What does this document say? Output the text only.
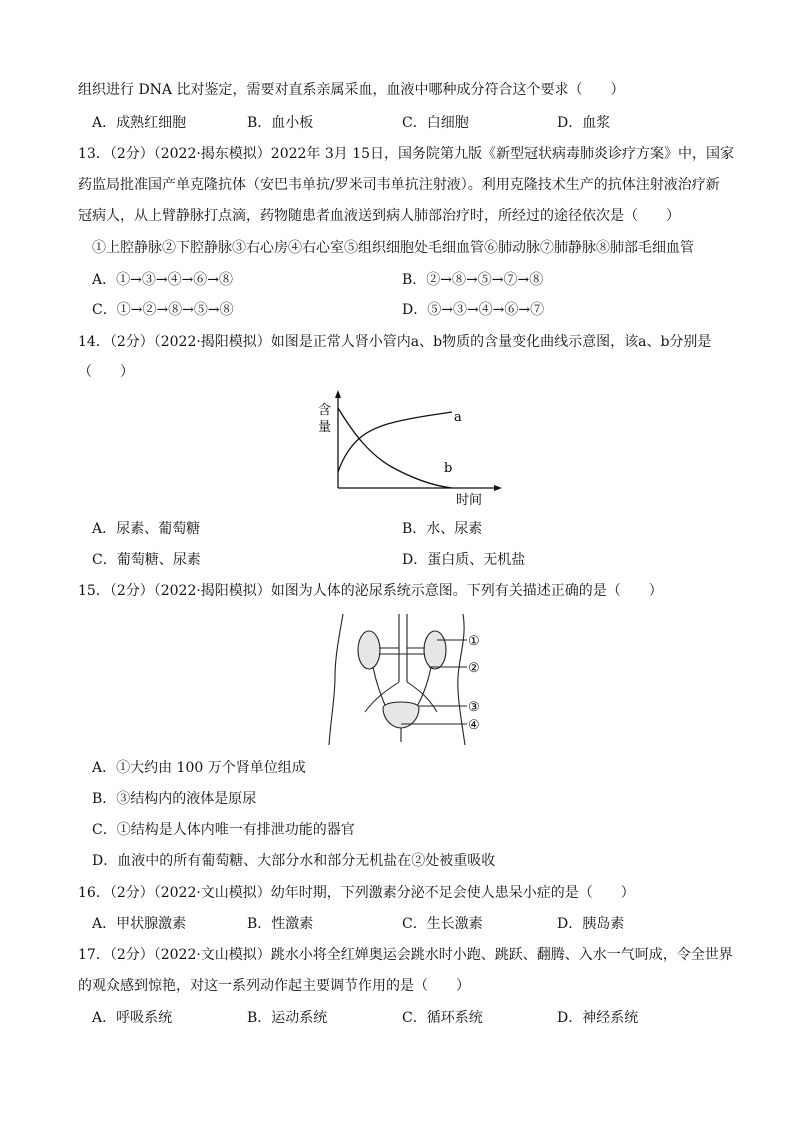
组织进行 DNA 比对鉴定，需要对直系亲属采血，血液中哪种成分符合这个要求（　　）
A．成熟红细胞	B．血小板	C．白细胞	D．血浆
13．（2分）（2022·揭东模拟）2022年 3月 15日，国务院第九版《新型冠状病毒肺炎诊疗方案》中，国家
药监局批准国产单克隆抗体（安巴韦单抗/罗米司韦单抗注射液）。利用克隆技术生产的抗体注射液治疗新
冠病人，从上臂静脉打点滴，药物随患者血液送到病人肺部治疗时，所经过的途径依次是（　　）
①上腔静脉②下腔静脉③右心房④右心室⑤组织细胞处毛细血管⑥肺动脉⑦肺静脉⑧肺部毛细血管
A．①→③→④→⑥→⑧	B．②→⑧→⑤→⑦→⑧
C．①→②→⑧→⑤→⑧	D．⑤→③→④→⑥→⑦
14．（2分）（2022·揭阳模拟）如图是正常人肾小管内a、b物质的含量变化曲线示意图，该a、b分别是
（　　）
含
量
时间
a
b
A．尿素、葡萄糖	B．水、尿素
C．葡萄糖、尿素	D．蛋白质、无机盐
15．（2分）（2022·揭阳模拟）如图为人体的泌尿系统示意图。下列有关描述正确的是（　　）
①
②
③
④
A．①大约由 100 万个肾单位组成
B．③结构内的液体是原尿
C．①结构是人体内唯一有排泄功能的器官
D．血液中的所有葡萄糖、大部分水和部分无机盐在②处被重吸收
16．（2分）（2022·文山模拟）幼年时期，下列激素分泌不足会使人患呆小症的是（　　）
A．甲状腺激素	B．性激素	C．生长激素	D．胰岛素
17．（2分）（2022·文山模拟）跳水小将全红婵奥运会跳水时小跑、跳跃、翻腾、入水一气呵成，令全世界
的观众感到惊艳，对这一系列动作起主要调节作用的是（　　）
A．呼吸系统	B．运动系统	C．循环系统	D．神经系统
